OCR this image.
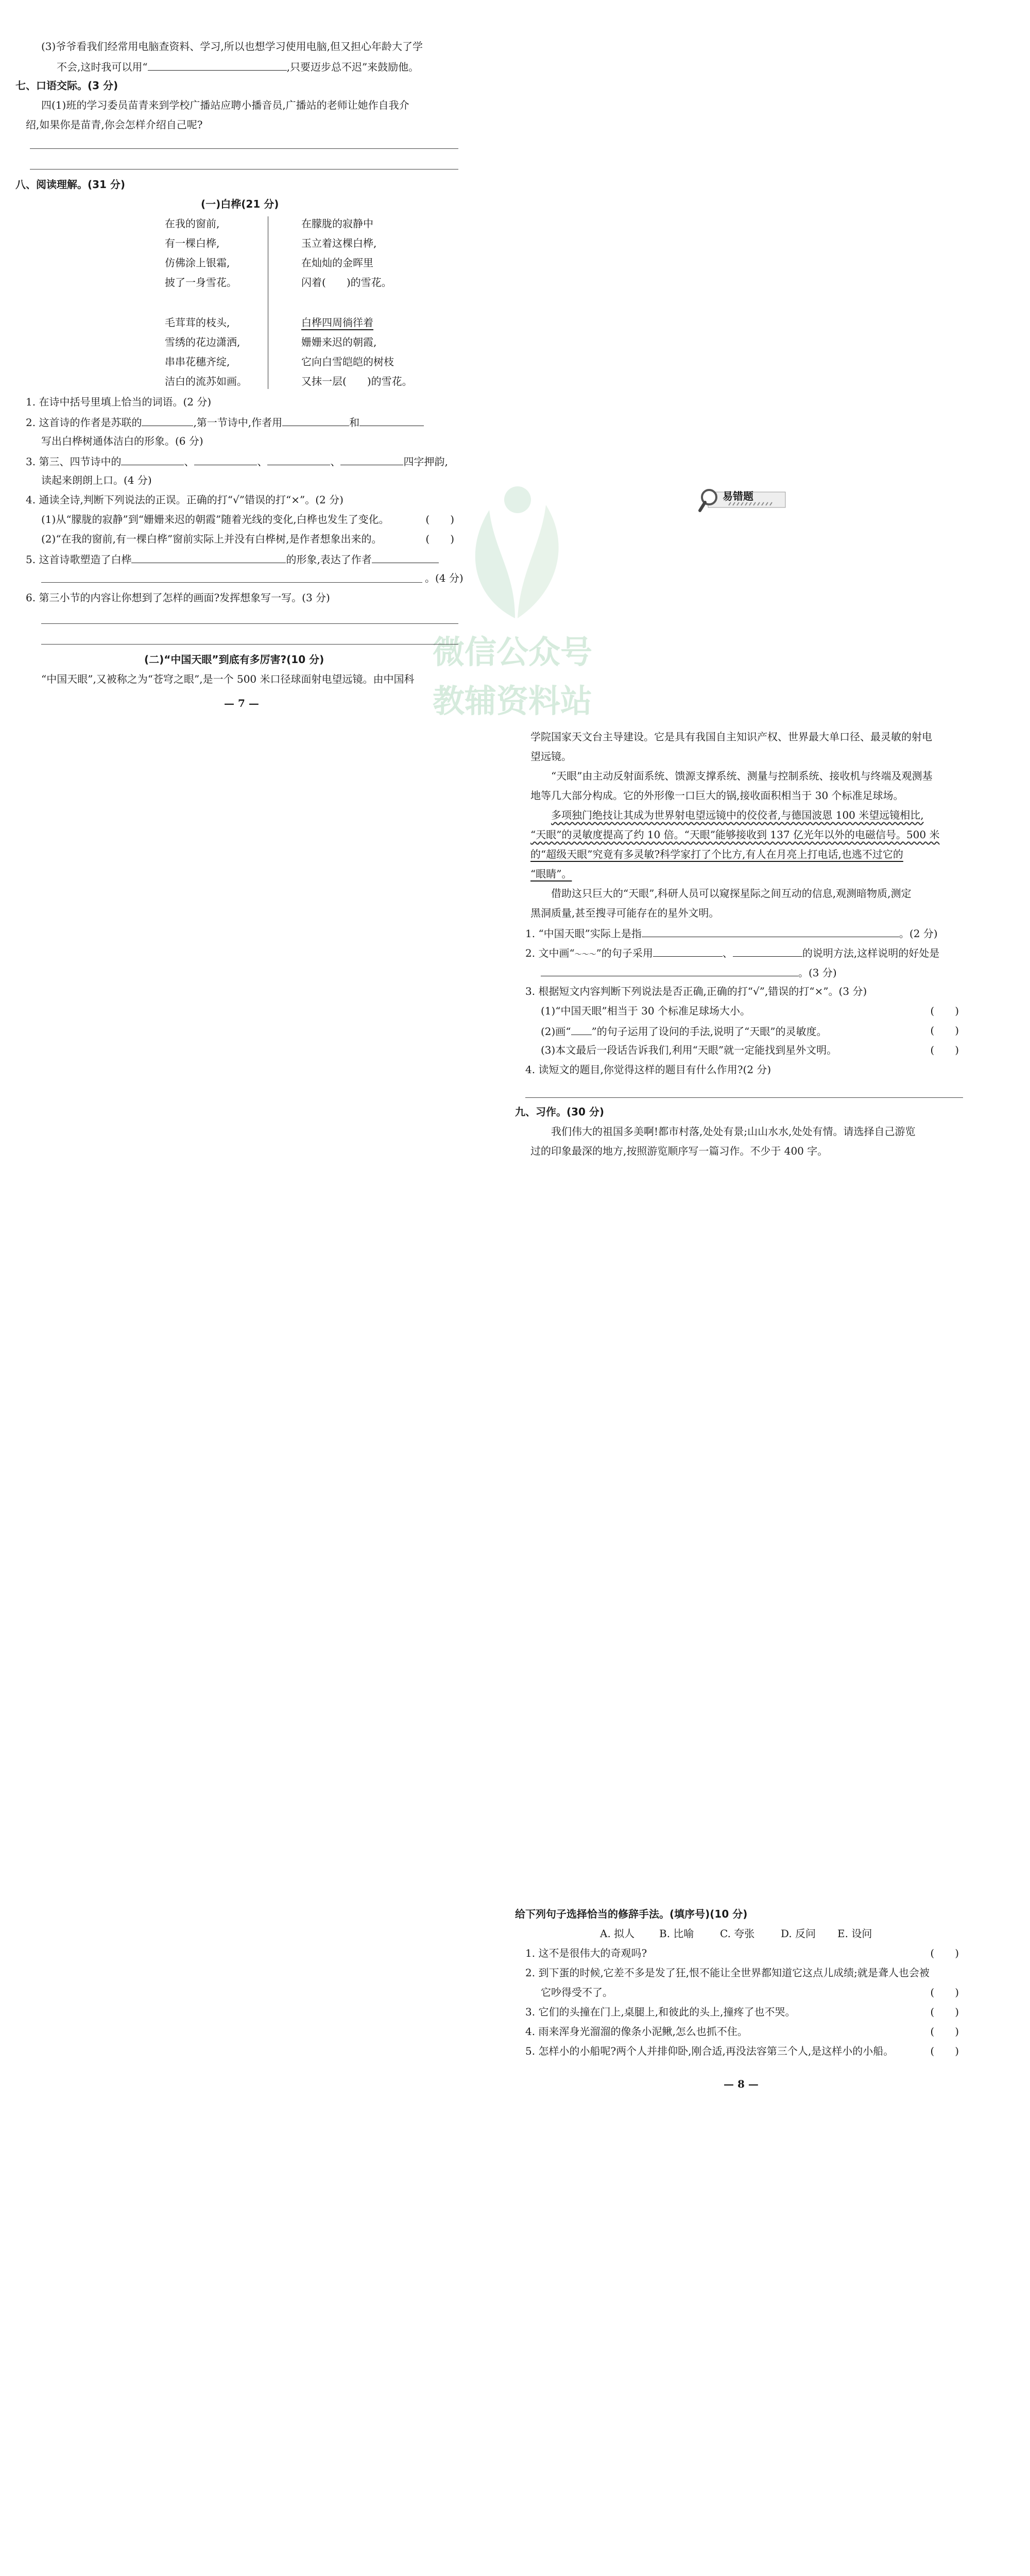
微信公众号
教辅资料站
(3)爷爷看我们经常用电脑查资料、学习,所以也想学习使用电脑,但又担心年龄大了学
不会,这时我可以用“	,只要迈步总不迟”来鼓励他。
七、口语交际。(3 分)
四(1)班的学习委员苗青来到学校广播站应聘小播音员,广播站的老师让她作自我介
绍,如果你是苗青,你会怎样介绍自己呢?
八、阅读理解。(31 分)
(一)白桦(21 分)
在我的窗前,
有一棵白桦,
仿佛涂上银霜,
披了一身雪花。
毛茸茸的枝头,
雪绣的花边潇洒,
串串花穗齐绽,
洁白的流苏如画。
在朦胧的寂静中
玉立着这棵白桦,
在灿灿的金晖里
闪着( )的雪花。
白桦四周徜徉着
姗姗来迟的朝霞,
它向白雪皑皑的树枝
又抹一层( )的雪花。
1. 在诗中括号里填上恰当的词语。(2 分)
2. 这首诗的作者是苏联的	,第一节诗中,作者用	和
写出白桦树通体洁白的形象。(6 分)
3. 第三、四节诗中的	、	、	、	四字押韵,
读起来朗朗上口。(4 分)
4. 通读全诗,判断下列说法的正误。正确的打“√”错误的打“×”。(2 分)
(1)从“朦胧的寂静”到“姗姗来迟的朝霞”随着光线的变化,白桦也发生了变化。	(　　)
(2)“在我的窗前,有一棵白桦”窗前实际上并没有白桦树,是作者想象出来的。	(　　)
5. 这首诗歌塑造了白桦	的形象,表达了作者
。(4 分)
6. 第三小节的内容让你想到了怎样的画面?发挥想象写一写。(3 分)
(二)“中国天眼”到底有多厉害?(10 分)
“中国天眼”,又被称之为“苍穹之眼”,是一个 500 米口径球面射电望远镜。由中国科
— 7 —
学院国家天文台主导建设。它是具有我国自主知识产权、世界最大单口径、最灵敏的射电
望远镜。
“天眼”由主动反射面系统、馈源支撑系统、测量与控制系统、接收机与终端及观测基
地等几大部分构成。它的外形像一口巨大的锅,接收面积相当于 30 个标准足球场。
多项独门绝技让其成为世界射电望远镜中的佼佼者,与德国波恩 100 米望远镜相比,
“天眼”的灵敏度提高了约 10 倍。“天眼”能够接收到 137 亿光年以外的电磁信号。500 米
的“超级天眼”究竟有多灵敏?科学家打了个比方,有人在月亮上打电话,也逃不过它的
“眼睛”。
借助这只巨大的“天眼”,科研人员可以窥探星际之间互动的信息,观测暗物质,测定
黑洞质量,甚至搜寻可能存在的星外文明。
1. “中国天眼”实际上是指	。(2 分)
2. 文中画“～～～”的句子采用	、	的说明方法,这样说明的好处是
。(3 分)
3. 根据短文内容判断下列说法是否正确,正确的打“√”,错误的打“×”。(3 分)
(1)“中国天眼”相当于 30 个标准足球场大小。	(　　)
(2)画“ ”的句子运用了设问的手法,说明了“天眼”的灵敏度。	(　　)
(3)本文最后一段话告诉我们,利用“天眼”就一定能找到星外文明。	(　　)
4. 读短文的题目,你觉得这样的题目有什么作用?(2 分)
九、习作。(30 分)
我们伟大的祖国多美啊!都市村落,处处有景;山山水水,处处有情。请选择自己游览
过的印象最深的地方,按照游览顺序写一篇习作。不少于 400 字。
易错题
给下列句子选择恰当的修辞手法。(填序号)(10 分)
A. 拟人 B. 比喻	C. 夸张	D. 反问 E. 设问
1. 这不是很伟大的奇观吗?	(　　)
2. 到下蛋的时候,它差不多是发了狂,恨不能让全世界都知道它这点儿成绩;就是聋人也会被
它吵得受不了。	(　　)
3. 它们的头撞在门上,桌腿上,和彼此的头上,撞疼了也不哭。	(　　)
4. 雨来浑身光溜溜的像条小泥鳅,怎么也抓不住。	(　　)
5. 怎样小的小船呢?两个人并排仰卧,刚合适,再没法容第三个人,是这样小的小船。	(　　)
— 8 —
